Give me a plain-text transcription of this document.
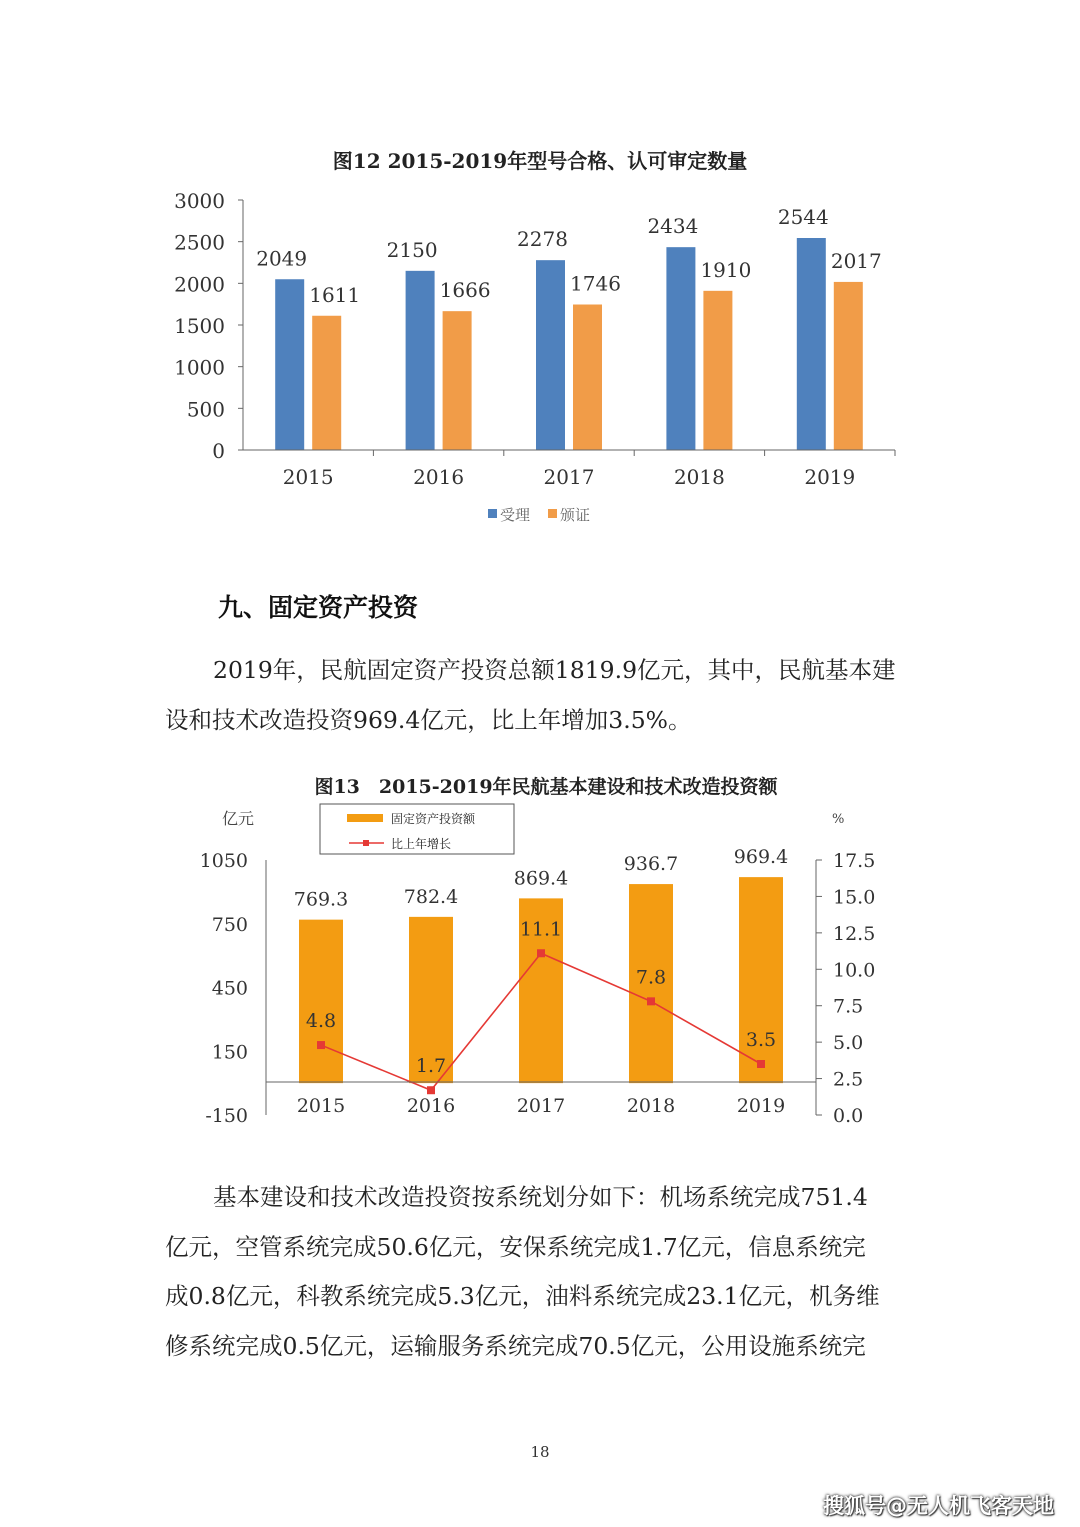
图12 2015-2019年型号合格、认可审定数量
0
500
1000
1500
2000
2500
3000
2049
1611
2150
1666
2278
1746
2434
1910
2544
2017
2015	2016	2017	2018	2019
受理 颁证
九、固定资产投资
2019年，民航固定资产投资总额1819.9亿元，其中，民航基本建
设和技术改造投资969.4亿元，比上年增加3.5%。
图13　2015-2019年民航基本建设和技术改造投资额
亿元	%
固定资产投资额
比上年增长
-150
150
450
750
1050
0.0
2.5
5.0
7.5
10.0
12.5
15.0
17.5
769.3	782.4
869.4
936.7	969.4
4.8
1.7
11.1
7.8
3.5
2015	2016	2017	2018	2019
基本建设和技术改造投资按系统划分如下：机场系统完成751.4
亿元，空管系统完成50.6亿元，安保系统完成1.7亿元，信息系统完
成0.8亿元，科教系统完成5.3亿元，油料系统完成23.1亿元，机务维
修系统完成0.5亿元，运输服务系统完成70.5亿元，公用设施系统完
18
搜狐号@无人机飞客天地
